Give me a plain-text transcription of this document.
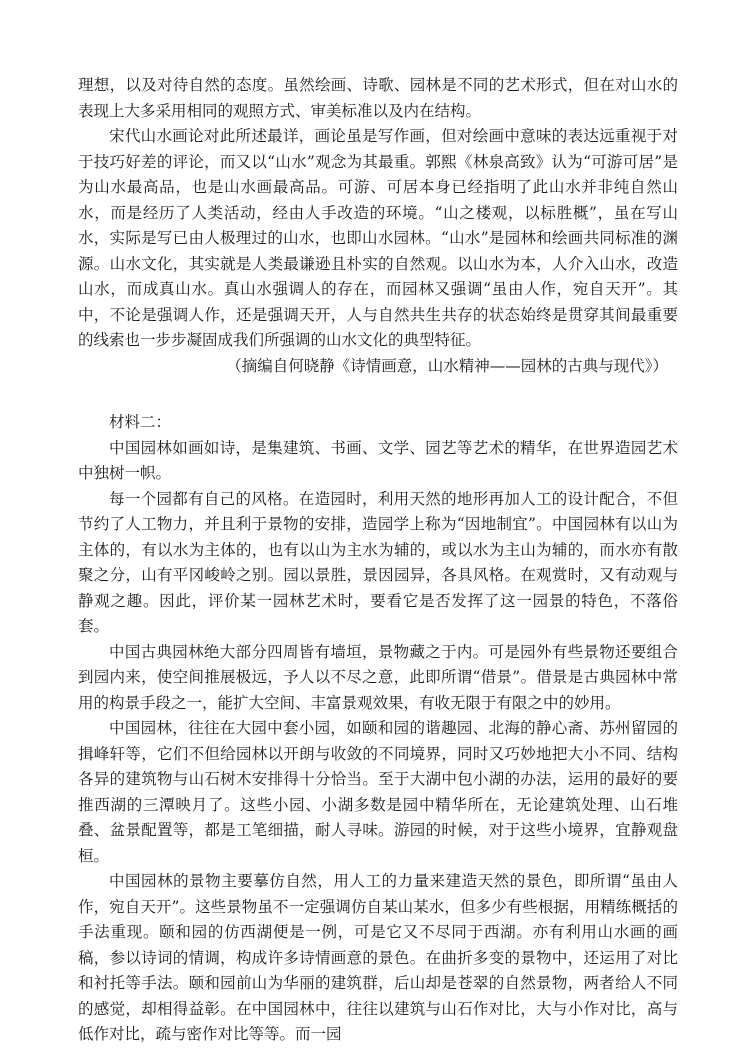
理想，以及对待自然的态度。虽然绘画、诗歌、园林是不同的艺术形式，但在对山水的表现上大多采用相同的观照方式、审美标准以及内在结构。

宋代山水画论对此所述最详，画论虽是写作画，但对绘画中意味的表达远重视于对于技巧好差的评论，而又以“山水”观念为其最重。郭熙《林泉高致》认为“可游可居”是为山水最高品，也是山水画最高品。可游、可居本身已经指明了此山水并非纯自然山水，而是经历了人类活动，经由人手改造的环境。“山之楼观，以标胜概”，虽在写山水，实际是写已由人极理过的山水，也即山水园林。“山水”是园林和绘画共同标准的渊源。山水文化，其实就是人类最谦逊且朴实的自然观。以山水为本，人介入山水，改造山水，而成真山水。真山水强调人的存在，而园林又强调“虽由人作，宛自天开”。其中，不论是强调人作，还是强调天开，人与自然共生共存的状态始终是贯穿其间最重要的线索也一步步凝固成我们所强调的山水文化的典型特征。

（摘编自何晓静《诗情画意，山水精神——园林的古典与现代》）

材料二：

中国园林如画如诗，是集建筑、书画、文学、园艺等艺术的精华，在世界造园艺术中独树一帜。

每一个园都有自己的风格。在造园时，利用天然的地形再加人工的设计配合，不但节约了人工物力，并且利于景物的安排，造园学上称为“因地制宜”。中国园林有以山为主体的，有以水为主体的，也有以山为主水为辅的，或以水为主山为辅的，而水亦有散聚之分，山有平冈峻岭之别。园以景胜，景因园异，各具风格。在观赏时，又有动观与静观之趣。因此，评价某一园林艺术时，要看它是否发挥了这一园景的特色，不落俗套。

中国古典园林绝大部分四周皆有墙垣，景物藏之于内。可是园外有些景物还要组合到园内来，使空间推展极远，予人以不尽之意，此即所谓“借景”。借景是古典园林中常用的构景手段之一，能扩大空间、丰富景观效果，有收无限于有限之中的妙用。

中国园林，往往在大园中套小园，如颐和园的谐趣园、北海的静心斋、苏州留园的揖峰轩等，它们不但给园林以开朗与收敛的不同境界，同时又巧妙地把大小不同、结构各异的建筑物与山石树木安排得十分恰当。至于大湖中包小湖的办法，运用的最好的要推西湖的三潭映月了。这些小园、小湖多数是园中精华所在，无论建筑处理、山石堆叠、盆景配置等，都是工笔细描，耐人寻味。游园的时候，对于这些小境界，宜静观盘桓。

中国园林的景物主要摹仿自然，用人工的力量来建造天然的景色，即所谓“虽由人作，宛自天开”。这些景物虽不一定强调仿自某山某水，但多少有些根据，用精练概括的手法重现。颐和园的仿西湖便是一例，可是它又不尽同于西湖。亦有利用山水画的画稿，参以诗词的情调，构成许多诗情画意的景色。在曲折多变的景物中，还运用了对比和衬托等手法。颐和园前山为华丽的建筑群，后山却是苍翠的自然景物，两者给人不同的感觉，却相得益彰。在中国园林中，往往以建筑与山石作对比，大与小作对比，高与低作对比，疏与密作对比等等。而一园
